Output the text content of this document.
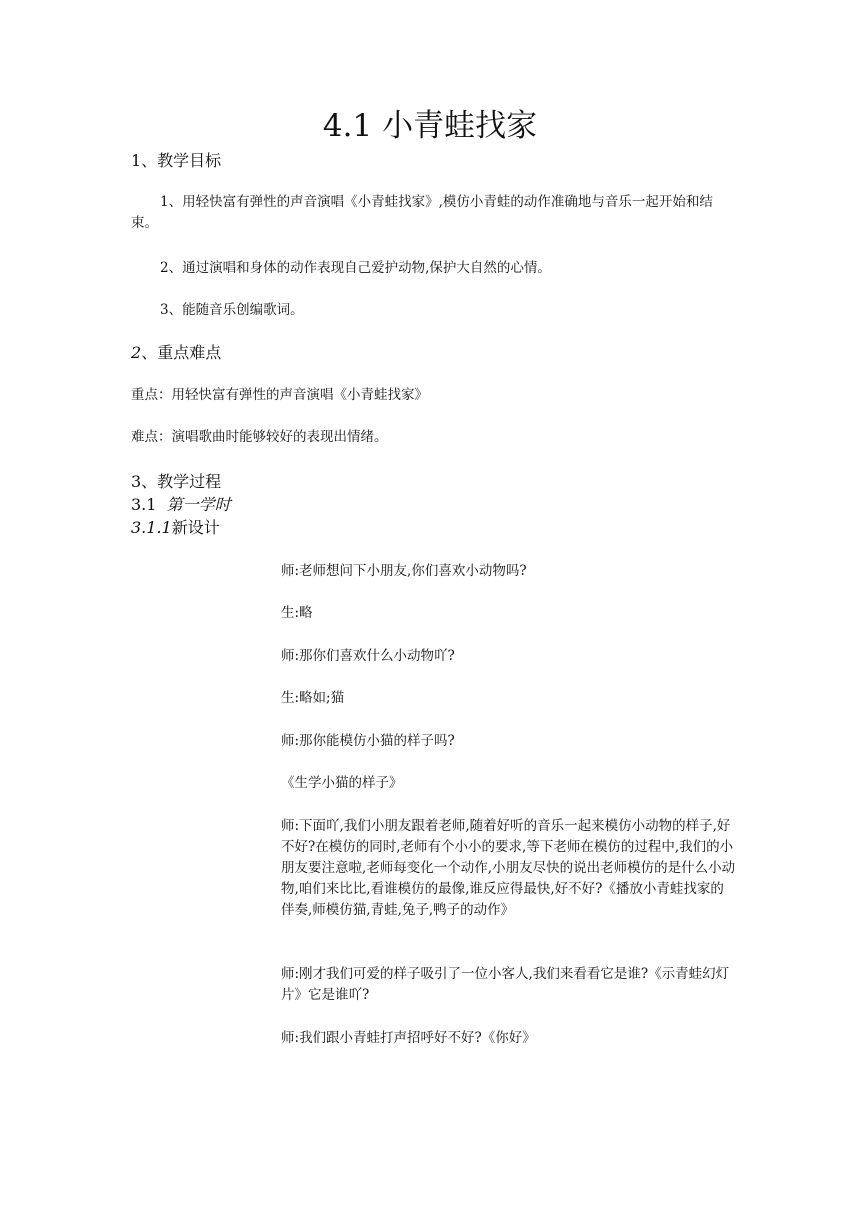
4.1 小青蛙找家
1、教学目标
1、用轻快富有弹性的声音演唱《小青蛙找家》,模仿小青蛙的动作准确地与音乐一起开始和结束。
2、通过演唱和身体的动作表现自己爱护动物,保护大自然的心情。
3、能随音乐创编歌词。
2、重点难点
重点：用轻快富有弹性的声音演唱《小青蛙找家》
难点：演唱歌曲时能够较好的表现出情绪。
3、教学过程
3.1 第一学时
3.1.1新设计
师:老师想问下小朋友,你们喜欢小动物吗?
生:略
师:那你们喜欢什么小动物吖?
生:略如;猫
师:那你能模仿小猫的样子吗?
《生学小猫的样子》
师:下面吖,我们小朋友跟着老师,随着好听的音乐一起来模仿小动物的样子,好不好?在模仿的同时,老师有个小小的要求,等下老师在模仿的过程中,我们的小朋友要注意啦,老师每变化一个动作,小朋友尽快的说出老师模仿的是什么小动物,咱们来比比,看谁模仿的最像,谁反应得最快,好不好?《播放小青蛙找家的伴奏,师模仿猫,青蛙,兔子,鸭子的动作》
师:刚才我们可爱的样子吸引了一位小客人,我们来看看它是谁?《示青蛙幻灯片》它是谁吖?
师:我们跟小青蛙打声招呼好不好?《你好》
